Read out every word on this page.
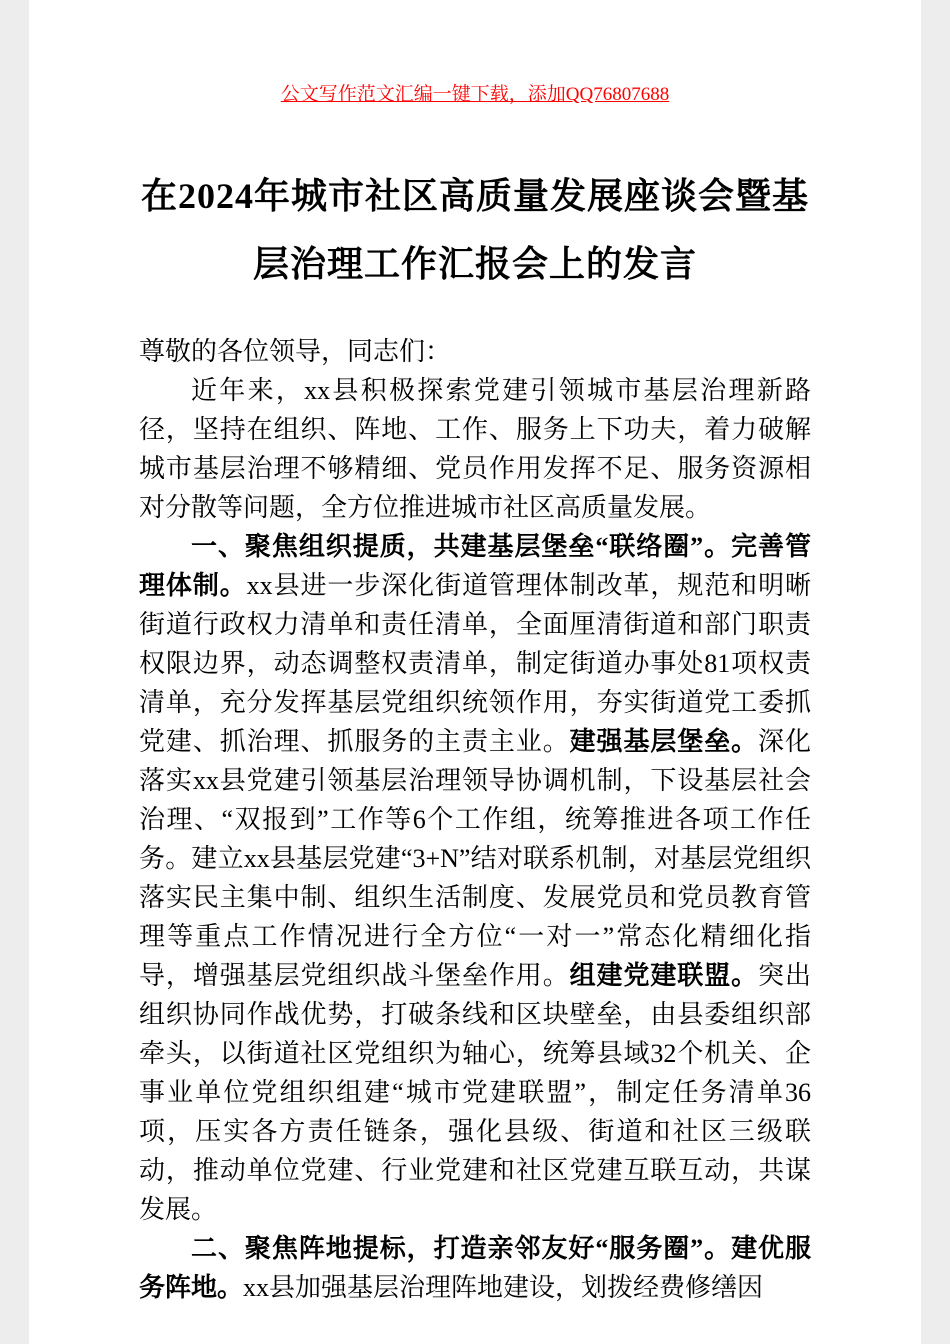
公文写作范文汇编一键下载，添加QQ76807688
在2024年城市社区高质量发展座谈会暨基
层治理工作汇报会上的发言

尊敬的各位领导，同志们：

近年来，xx县积极探索党建引领城市基层治理新路径，坚持在组织、阵地、工作、服务上下功夫，着力破解城市基层治理不够精细、党员作用发挥不足、服务资源相对分散等问题，全方位推进城市社区高质量发展。

一、聚焦组织提质，共建基层堡垒“联络圈”。完善管理体制。xx县进一步深化街道管理体制改革，规范和明晰街道行政权力清单和责任清单，全面厘清街道和部门职责权限边界，动态调整权责清单，制定街道办事处81项权责清单，充分发挥基层党组织统领作用，夯实街道党工委抓党建、抓治理、抓服务的主责主业。建强基层堡垒。深化落实xx县党建引领基层治理领导协调机制，下设基层社会治理、“双报到”工作等6个工作组，统筹推进各项工作任务。建立xx县基层党建“3+N”结对联系机制，对基层党组织落实民主集中制、组织生活制度、发展党员和党员教育管理等重点工作情况进行全方位“一对一”常态化精细化指导，增强基层党组织战斗堡垒作用。组建党建联盟。突出组织协同作战优势，打破条线和区块壁垒，由县委组织部牵头，以街道社区党组织为轴心，统筹县域32个机关、企事业单位党组织组建“城市党建联盟”，制定任务清单36项，压实各方责任链条，强化县级、街道和社区三级联动，推动单位党建、行业党建和社区党建互联互动，共谋发展。

二、聚焦阵地提标，打造亲邻友好“服务圈”。建优服务阵地。xx县加强基层治理阵地建设，划拨经费修缮因
